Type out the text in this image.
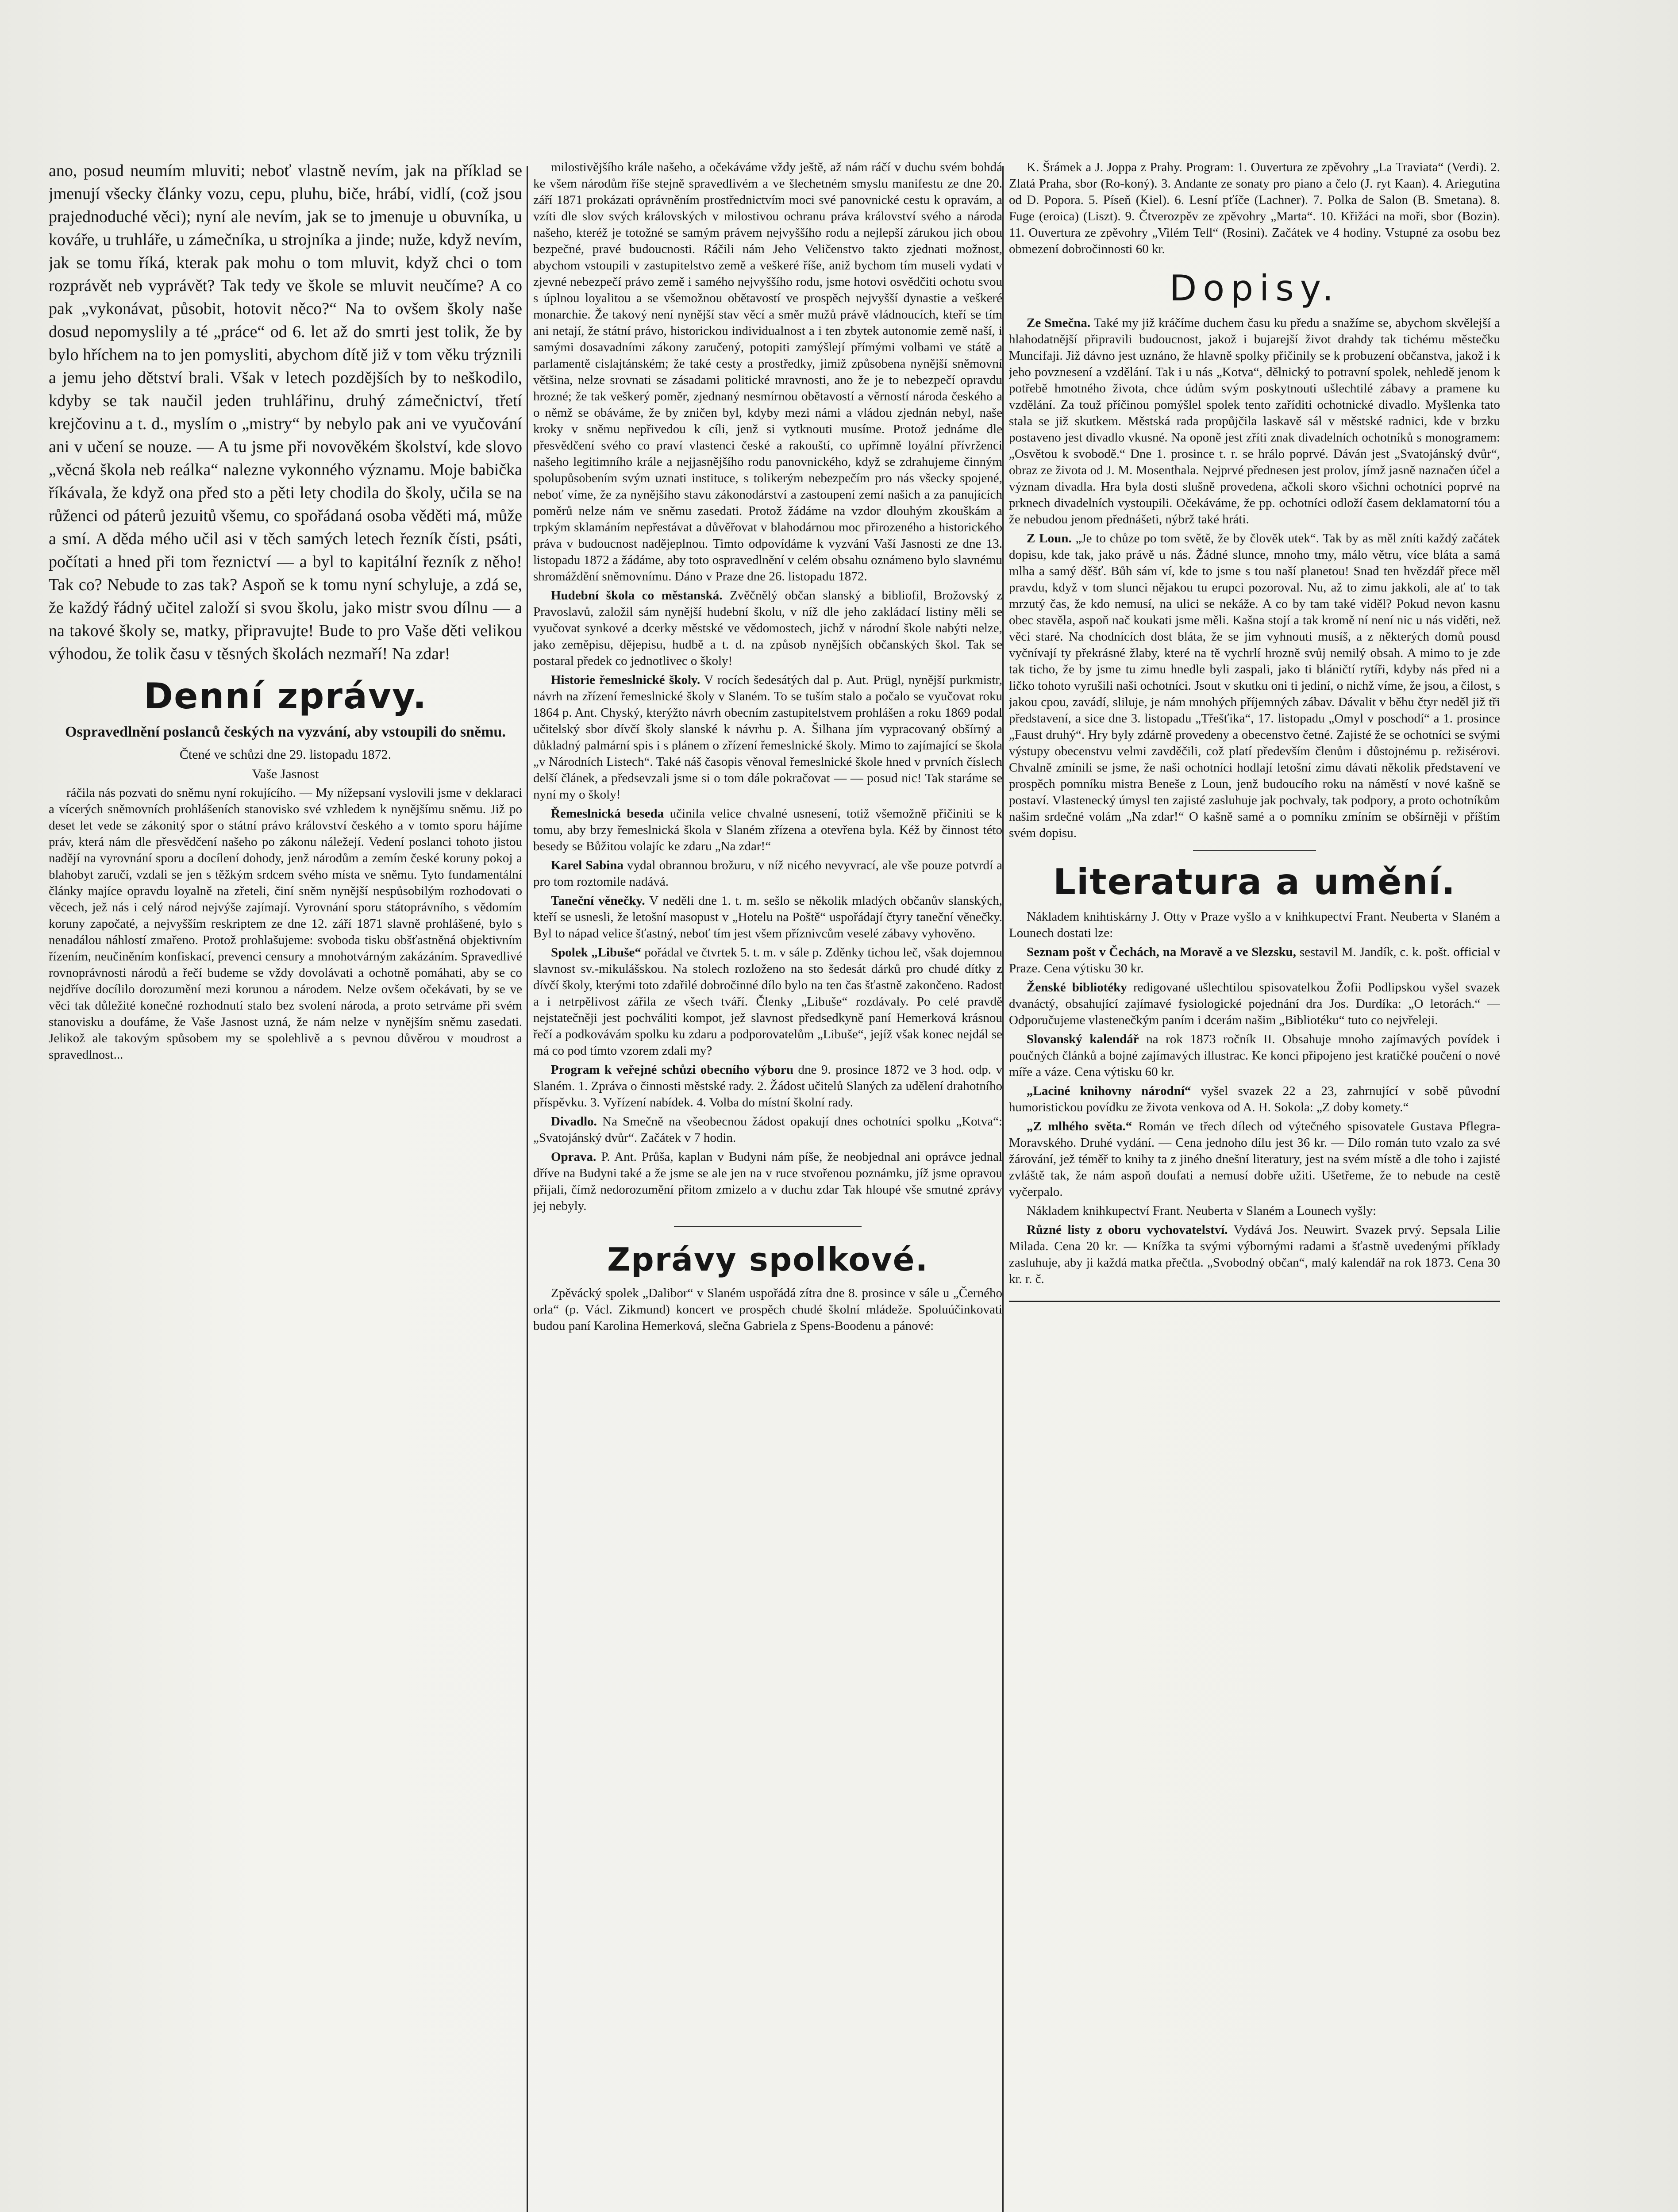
ano, posud neumím mluviti; neboť vlastně nevím, jak na příklad se jmenují všecky články vozu, cepu, pluhu, biče, hrábí, vidlí, (což jsou prajednoduché věci); nyní ale nevím, jak se to jmenuje u obuvníka, u kováře, u truhláře, u zámečníka, u strojníka a jinde; nuže, když nevím, jak se tomu říká, kterak pak mohu o tom mluvit, když chci o tom rozprávět neb vyprávět? Tak tedy ve škole se mluvit neučíme? A co pak „vykonávat, působit, hotovit něco?“ Na to ovšem školy naše dosud nepomyslily a té „práce“ od 6. let až do smrti jest tolik, že by bylo hříchem na to jen pomysliti, abychom dítě již v tom věku trýznili a jemu jeho dětství brali. Však v letech pozdějších by to neškodilo, kdyby se tak naučil jeden truhlářinu, druhý zámečnictví, třetí krejčovinu a t. d., myslím o „mistry“ by nebylo pak ani ve vyučování ani v učení se nouze. — A tu jsme při novověkém školství, kde slovo „věcná škola neb reálka“ nalezne vykonného významu. Moje babička říkávala, že když ona před sto a pěti lety chodila do školy, učila se na růženci od páterů jezuitů všemu, co spořádaná osoba věděti má, může a smí. A děda mého učil asi v těch samých letech řezník čísti, psáti, počítati a hned při tom řeznictví — a byl to kapitální řezník z něho! Tak co? Nebude to zas tak? Aspoň se k tomu nyní schyluje, a zdá se, že každý řádný učitel založí si svou školu, jako mistr svou dílnu — a na takové školy se, matky, připravujte! Bude to pro Vaše děti velikou výhodou, že tolik času v těsných školách nezmaří! Na zdar!

Denní zprávy.
Ospravedlnění poslanců českých na vyzvání, aby vstoupili do sněmu.
Čtené ve schůzi dne 29. listopadu 1872.
Vaše Jasnost

ráčila nás pozvati do sněmu nyní rokujícího. — My nížepsaní vyslovili jsme v deklaraci a vícerých sněmovních prohlášeních stanovisko své vzhledem k nynějšímu sněmu. Již po deset let vede se zákonitý spor o státní právo království českého a v tomto sporu hájíme práv, která nám dle přesvědčení našeho po zákonu náležejí. Vedení poslanci tohoto jistou nadějí na vyrovnání sporu a docílení dohody, jenž národům a zemím české koruny pokoj a blahobyt zaručí, vzdali se jen s těžkým srdcem svého místa ve sněmu. Tyto fundamentální články majíce opravdu loyalně na zřeteli, činí sněm nynější nespůsobilým rozhodovati o věcech, jež nás i celý národ nejvýše zajímají. Vyrovnání sporu státoprávního, s vědomím koruny započaté, a nejvyšším reskriptem ze dne 12. září 1871 slavně prohlášené, bylo s nenadálou náhlostí zmařeno. Protož prohlašujeme: svoboda tisku obšťastněná objektivním řízením, neučiněním konfiskací, prevenci censury a mnohotvárným zakázáním. Spravedlivé rovnoprávnosti národů a řečí budeme se vždy dovolávati a ochotně pomáhati, aby se co nejdříve docílilo dorozumění mezi korunou a národem. Nelze ovšem očekávati, by se ve věci tak důležité konečné rozhodnutí stalo bez svolení národa, a proto setrváme při svém stanovisku a doufáme, že Vaše Jasnost uzná, že nám nelze v nynějším sněmu zasedati. Jelikož ale takovým spůsobem my se spolehlivě a s pevnou důvěrou v moudrost a spravedlnost...

milostivějšího krále našeho, a očekáváme vždy ještě, až nám ráčí v duchu svém bohdá ke všem národům říše stejně spravedlivém a ve šlechetném smyslu manifestu ze dne 20. září 1871 prokázati oprávněním prostřednictvím moci své panovnické cestu k opravám, a vzíti dle slov svých královských v milostivou ochranu práva království svého a národa našeho, kteréž je totožné se samým právem nejvyššího rodu a nejlepší zárukou jich obou bezpečné, pravé budoucnosti. Ráčili nám Jeho Veličenstvo takto zjednati možnost, abychom vstoupili v zastupitelstvo země a veškeré říše, aniž bychom tím museli vydati v zjevné nebezpečí právo země i samého nejvyššího rodu, jsme hotovi osvědčiti ochotu svou s úplnou loyalitou a se všemožnou obětavostí ve prospěch nejvyšší dynastie a veškeré monarchie. Že takový není nynější stav věcí a směr mužů právě vládnoucích, kteří se tím ani netají, že státní právo, historickou individualnost a i ten zbytek autonomie země naší, i samými dosavadními zákony zaručený, potopiti zamýšlejí přímými volbami ve státě a parlamentě cislajtánském; že také cesty a prostředky, jimiž způsobena nynější sněmovní většina, nelze srovnati se zásadami politické mravnosti, ano že je to nebezpečí opravdu hrozné; že tak veškerý poměr, zjednaný nesmírnou obětavostí a věrností národa českého a o němž se obáváme, že by zničen byl, kdyby mezi námi a vládou zjednán nebyl, naše kroky v sněmu nepřivedou k cíli, jenž si vytknouti musíme. Protož jednáme dle přesvědčení svého co praví vlastenci české a rakouští, co upřímně loyální přívrženci našeho legitimního krále a nejjasnějšího rodu panovnického, když se zdrahujeme činným spolupůsobením svým uznati instituce, s tolikerým nebezpečím pro nás všecky spojené, neboť víme, že za nynějšího stavu zákonodárství a zastoupení zemí našich a za panujících poměrů nelze nám ve sněmu zasedati. Protož žádáme na vzdor dlouhým zkouškám a trpkým sklamáním nepřestávat a důvěřovat v blahodárnou moc přirozeného a historického práva v budoucnost nadějeplnou. Timto odpovídáme k vyzvání Vaší Jasnosti ze dne 13. listopadu 1872 a žádáme, aby toto ospravedlnění v celém obsahu oznámeno bylo slavnému shromáždění sněmovnímu. Dáno v Praze dne 26. listopadu 1872.

Hudební škola co městanská. Zvěčnělý občan slanský a bibliofil, Brožovský z Pravoslavů, založil sám nynější hudební školu, v níž dle jeho zakládací listiny měli se vyučovat synkové a dcerky městské ve vědomostech, jichž v národní škole nabýti nelze, jako zeměpisu, dějepisu, hudbě a t. d. na způsob nynějších občanských škol. Tak se postaral předek co jednotlivec o školy!

Historie řemeslnické školy. V rocích šedesátých dal p. Aut. Prügl, nynější purkmistr, návrh na zřízení řemeslnické školy v Slaném. To se tuším stalo a počalo se vyučovat roku 1864 p. Ant. Chyský, kterýžto návrh obecním zastupitelstvem prohlášen a roku 1869 podal učitelský sbor dívčí školy slanské k návrhu p. A. Šilhana jím vypracovaný obšírný a důkladný palmární spis i s plánem o zřízení řemeslnické školy. Mimo to zajímající se škola „v Národních Listech“. Také náš časopis věnoval řemeslnické škole hned v prvních číslech delší článek, a předsevzali jsme si o tom dále pokračovat — — posud nic! Tak staráme se nyní my o školy!

Řemeslnická beseda učinila velice chvalné usnesení, totiž všemožně přičiniti se k tomu, aby brzy řemeslnická škola v Slaném zřízena a otevřena byla. Kéž by činnost této besedy se Bůžitou volajíc ke zdaru „Na zdar!“

Karel Sabina vydal obrannou brožuru, v níž nicého nevyvrací, ale vše pouze potvrdí a pro tom roztomile nadává.

Taneční věnečky. V neděli dne 1. t. m. sešlo se několik mladých občanův slanských, kteří se usnesli, že letošní masopust v „Hotelu na Poště“ uspořádají čtyry taneční věnečky. Byl to nápad velice šťastný, neboť tím jest všem příznivcům veselé zábavy vyhověno.

Spolek „Libuše“ pořádal ve čtvrtek 5. t. m. v sále p. Zděnky tichou leč, však dojemnou slavnost sv.-mikulášskou. Na stolech rozloženo na sto šedesát dárků pro chudé dítky z dívčí školy, kterými toto zdařilé dobročinné dílo bylo na ten čas šťastně zakončeno. Radost a i netrpělivost zářila ze všech tváří. Členky „Libuše“ rozdávaly. Po celé pravdě nejstatečněji jest pochváliti kompot, jež slavnost předsedkyně paní Hemerková krásnou řečí a podkovávám spolku ku zdaru a podporovatelům „Libuše“, jejíž však konec nejdál se má co pod tímto vzorem zdali my?

Program k veřejné schůzi obecního výboru dne 9. prosince 1872 ve 3 hod. odp. v Slaném. 1. Zpráva o činnosti městské rady. 2. Žádost učitelů Slaných za udělení drahotního příspěvku. 3. Vyřízení nabídek. 4. Volba do místní školní rady.

Divadlo. Na Smečně na všeobecnou žádost opakují dnes ochotníci spolku „Kotva“: „Svatojánský dvůr“. Začátek v 7 hodin.

Oprava. P. Ant. Průša, kaplan v Budyni nám píše, že neobjednal ani oprávce jednal dříve na Budyni také a že jsme se ale jen na v ruce stvořenou poznámku, jíž jsme opravou přijali, čímž nedorozumění přitom zmizelo a v duchu zdar Tak hloupé vše smutné zprávy jej nebyly.

Zprávy spolkové.

Zpěvácký spolek „Dalibor“ v Slaném uspořádá zítra dne 8. prosince v sále u „Černého orla“ (p. Václ. Zikmund) koncert ve prospěch chudé školní mládeže. Spoluúčinkovati budou paní Karolina Hemerková, slečna Gabriela z Spens-Boodenu a pánové:

K. Šrámek a J. Joppa z Prahy. Program: 1. Ouvertura ze zpěvohry „La Traviata“ (Verdi). 2. Zlatá Praha, sbor (Ro-koný). 3. Andante ze sonaty pro piano a čelo (J. ryt Kaan). 4. Ariegutina od D. Popora. 5. Píseň (Kiel). 6. Lesní pťíče (Lachner). 7. Polka de Salon (B. Smetana). 8. Fuge (eroica) (Liszt). 9. Čtverozpěv ze zpěvohry „Marta“. 10. Křižáci na moři, sbor (Bozin). 11. Ouvertura ze zpěvohry „Vilém Tell“ (Rosini). Začátek ve 4 hodiny. Vstupné za osobu bez obmezení dobročinnosti 60 kr.

Dopisy.

Ze Smečna. Také my již kráčíme duchem času ku předu a snažíme se, abychom skvělejší a hlahodatnější připravili budoucnost, jakož i bujarejší život drahdy tak tichému městečku Muncifaji. Již dávno jest uznáno, že hlavně spolky přičinily se k probuzení občanstva, jakož i k jeho povznesení a vzdělání. Tak i u nás „Kotva“, dělnický to potravní spolek, nehledě jenom k potřebě hmotného života, chce údům svým poskytnouti ušlechtilé zábavy a pramene ku vzdělání. Za touž příčinou pomýšlel spolek tento zaříditi ochotnické divadlo. Myšlenka tato stala se již skutkem. Městská rada propůjčila laskavě sál v městské radnici, kde v brzku postaveno jest divadlo vkusné. Na oponě jest zříti znak divadelních ochotníků s monogramem: „Osvětou k svobodě.“ Dne 1. prosince t. r. se hrálo poprvé. Dáván jest „Svatojánský dvůr“, obraz ze života od J. M. Mosenthala. Nejprvé přednesen jest prolov, jímž jasně naznačen účel a význam divadla. Hra byla dosti slušně provedena, ačkoli skoro všichni ochotníci poprvé na prknech divadelních vystoupili. Očekáváme, že pp. ochotníci odloží časem deklamatorní tóu a že nebudou jenom přednášeti, nýbrž také hráti.

Z Loun. „Je to chůze po tom světě, že by člověk utek“. Tak by as měl zníti každý začátek dopisu, kde tak, jako právě u nás. Žádné slunce, mnoho tmy, málo větru, více bláta a samá mlha a samý děšť. Bůh sám ví, kde to jsme s tou naší planetou! Snad ten hvězdář přece měl pravdu, když v tom slunci nějakou tu erupci pozoroval. Nu, až to zimu jakkoli, ale ať to tak mrzutý čas, že kdo nemusí, na ulici se nekáže. A co by tam také viděl? Pokud nevon kasnu obec stavěla, aspoň nač koukati jsme měli. Kašna stojí a tak kromě ní není nic u nás viděti, než věci staré. Na chodnících dost bláta, že se jim vyhnouti musíš, a z některých domů pousd vyčnívají ty překrásné žlaby, které na tě vychrlí hrozně svůj nemilý obsah. A mimo to je zde tak ticho, že by jsme tu zimu hnedle byli zaspali, jako ti bláničtí rytíři, kdyby nás před ni a ličko tohoto vyrušili naši ochotníci. Jsout v skutku oni ti jediní, o nichž víme, že jsou, a čilost, s jakou cpou, zavádí, sliluje, je nám mnohých příjemných zábav. Dávalit v běhu čtyr neděl již tři představení, a sice dne 3. listopadu „Třešťika“, 17. listopadu „Omyl v poschodí“ a 1. prosince „Faust druhý“. Hry byly zdárně provedeny a obecenstvo četné. Zajisté že se ochotníci se svými výstupy obecenstvu velmi zavděčili, což platí především členům i důstojnému p. režisérovi. Chvalně zmínili se jsme, že naši ochotníci hodlají letošní zimu dávati několik představení ve prospěch pomníku mistra Beneše z Loun, jenž budoucího roku na náměstí v nové kašně se postaví. Vlastenecký úmysl ten zajisté zasluhuje jak pochvaly, tak podpory, a proto ochotníkům našim srdečné volám „Na zdar!“ O kašně samé a o pomníku zmíním se obšírněji v příštím svém dopisu.

Literatura a umění.

Nákladem knihtiskárny J. Otty v Praze vyšlo a v knihkupectví Frant. Neuberta v Slaném a Lounech dostati lze:

Seznam pošt v Čechách, na Moravě a ve Slezsku, sestavil M. Jandík, c. k. pošt. official v Praze. Cena výtisku 30 kr.

Ženské bibliotéky redigované ušlechtilou spisovatelkou Žofii Podlipskou vyšel svazek dvanáctý, obsahující zajímavé fysiologické pojednání dra Jos. Durdíka: „O letorách.“ — Odporučujeme vlastenečkým paním i dcerám našim „Bibliotéku“ tuto co nejvřeleji.

Slovanský kalendář na rok 1873 ročník II. Obsahuje mnoho zajímavých povídek i poučných článků a bojné zajímavých illustrac. Ke konci připojeno jest kratičké poučení o nové míře a váze. Cena výtisku 60 kr.

„Laciné knihovny národní“ vyšel svazek 22 a 23, zahrnující v sobě původní humoristickou povídku ze života venkova od A. H. Sokola: „Z doby komety.“

„Z mlhého světa.“ Román ve třech dílech od výtečného spisovatele Gustava Pflegra-Moravského. Druhé vydání. — Cena jednoho dílu jest 36 kr. — Dílo román tuto vzalo za své žárování, jež téměř to knihy ta z jiného dnešní literatury, jest na svém místě a dle toho i zajisté zvláště tak, že nám aspoň doufati a nemusí dobře užiti. Ušetřeme, že to nebude na cestě vyčerpalo.

Nákladem knihkupectví Frant. Neuberta v Slaném a Lounech vyšly:

Různé listy z oboru vychovatelství. Vydává Jos. Neuwirt. Svazek prvý. Sepsala Lilie Milada. Cena 20 kr. — Knížka ta svými výbornými radami a šťastně uvedenými příklady zasluhuje, aby ji každá matka přečtla. „Svobodný občan“, malý kalendář na rok 1873. Cena 30 kr. r. č.
